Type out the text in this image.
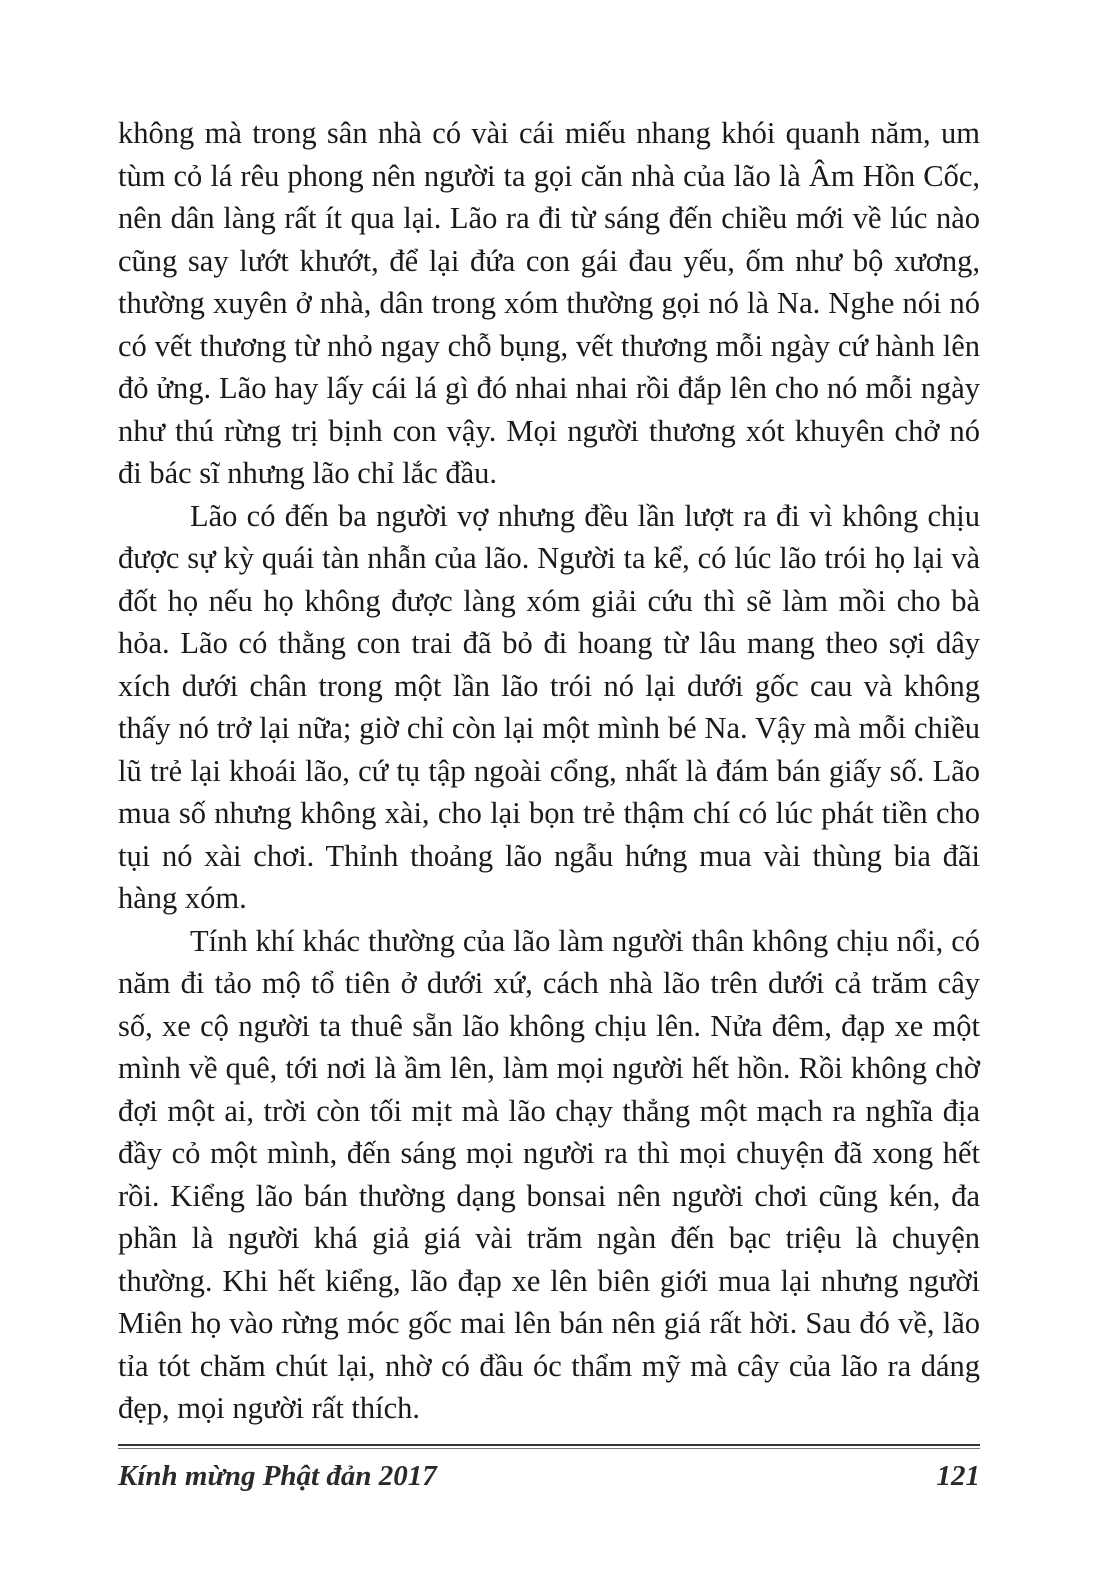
không mà trong sân nhà có vài cái miếu nhang khói quanh năm, um tùm cỏ lá rêu phong nên người ta gọi căn nhà của lão là Âm Hồn Cốc, nên dân làng rất ít qua lại. Lão ra đi từ sáng đến chiều mới về lúc nào cũng say lướt khướt, để lại đứa con gái đau yếu, ốm như bộ xương, thường xuyên ở nhà, dân trong xóm thường gọi nó là Na. Nghe nói nó có vết thương từ nhỏ ngay chỗ bụng, vết thương mỗi ngày cứ hành lên đỏ ửng. Lão hay lấy cái lá gì đó nhai nhai rồi đắp lên cho nó mỗi ngày như thú rừng trị bịnh con vậy. Mọi người thương xót khuyên chở nó đi bác sĩ nhưng lão chỉ lắc đầu.

Lão có đến ba người vợ nhưng đều lần lượt ra đi vì không chịu được sự kỳ quái tàn nhẫn của lão. Người ta kể, có lúc lão trói họ lại và đốt họ nếu họ không được làng xóm giải cứu thì sẽ làm mồi cho bà hỏa. Lão có thằng con trai đã bỏ đi hoang từ lâu mang theo sợi dây xích dưới chân trong một lần lão trói nó lại dưới gốc cau và không thấy nó trở lại nữa; giờ chỉ còn lại một mình bé Na. Vậy mà mỗi chiều lũ trẻ lại khoái lão, cứ tụ tập ngoài cổng, nhất là đám bán giấy số. Lão mua số nhưng không xài, cho lại bọn trẻ thậm chí có lúc phát tiền cho tụi nó xài chơi. Thỉnh thoảng lão ngẫu hứng mua vài thùng bia đãi hàng xóm.

Tính khí khác thường của lão làm người thân không chịu nổi, có năm đi tảo mộ tổ tiên ở dưới xứ, cách nhà lão trên dưới cả trăm cây số, xe cộ người ta thuê sẵn lão không chịu lên. Nửa đêm, đạp xe một mình về quê, tới nơi là ầm lên, làm mọi người hết hồn. Rồi không chờ đợi một ai, trời còn tối mịt mà lão chạy thẳng một mạch ra nghĩa địa đầy cỏ một mình, đến sáng mọi người ra thì mọi chuyện đã xong hết rồi. Kiểng lão bán thường dạng bonsai nên người chơi cũng kén, đa phần là người khá giả giá vài trăm ngàn đến bạc triệu là chuyện thường. Khi hết kiểng, lão đạp xe lên biên giới mua lại nhưng người Miên họ vào rừng móc gốc mai lên bán nên giá rất hời. Sau đó về, lão tỉa tót chăm chút lại, nhờ có đầu óc thẩm mỹ mà cây của lão ra dáng đẹp, mọi người rất thích.

Kính mừng Phật đản 2017	121
